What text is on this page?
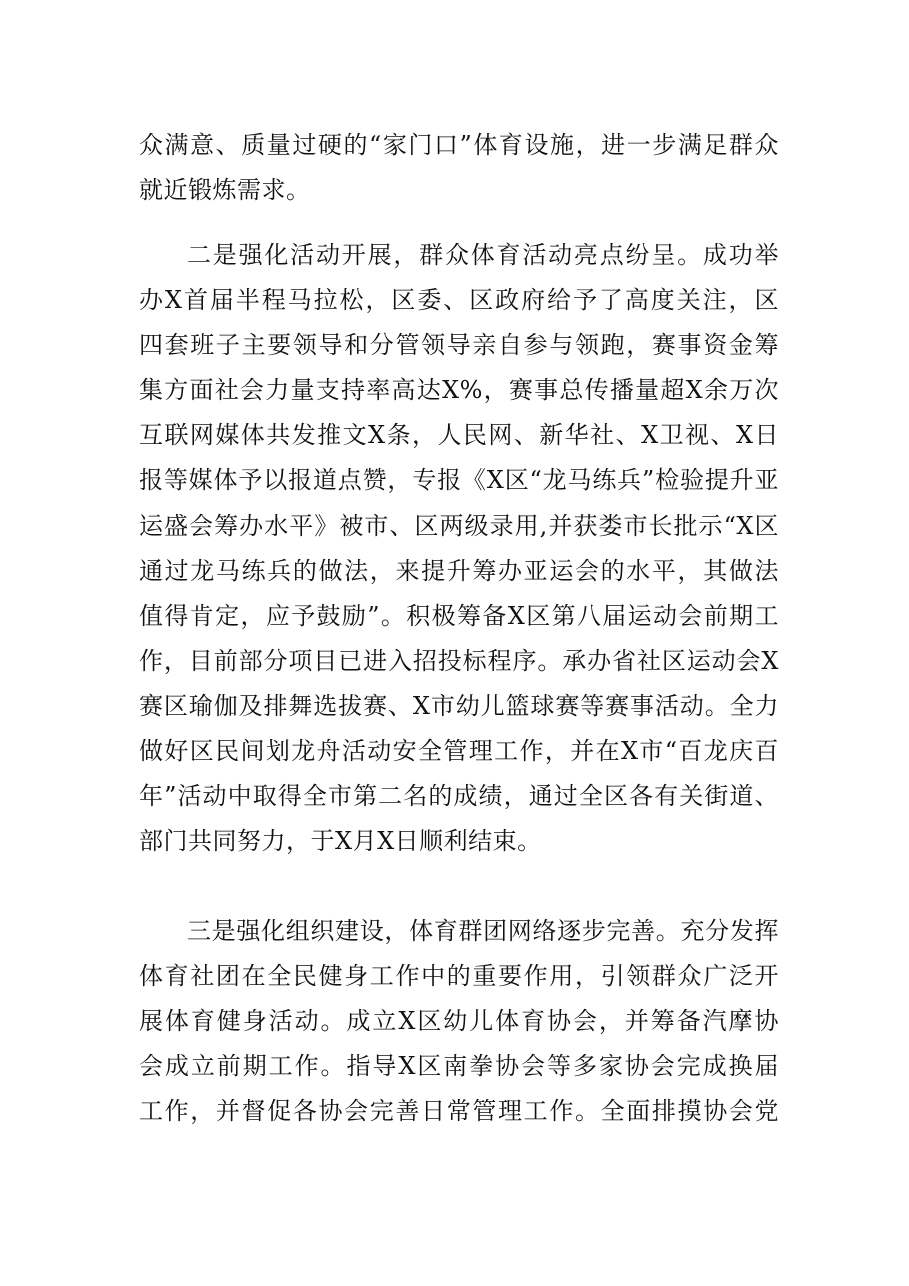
众满意、质量过硬的“家门口”体育设施，进一步满足群众
就近锻炼需求。
二是强化活动开展，群众体育活动亮点纷呈。成功举
办X首届半程马拉松，区委、区政府给予了高度关注，区
四套班子主要领导和分管领导亲自参与领跑，赛事资金筹
集方面社会力量支持率高达X%，赛事总传播量超X余万次
互联网媒体共发推文X条，人民网、新华社、X卫视、X日
报等媒体予以报道点赞，专报《X区“龙马练兵”检验提升亚
运盛会筹办水平》被市、区两级录用,并获娄市长批示“X区
通过龙马练兵的做法，来提升筹办亚运会的水平，其做法
值得肯定，应予鼓励”。积极筹备X区第八届运动会前期工
作，目前部分项目已进入招投标程序。承办省社区运动会X
赛区瑜伽及排舞选拔赛、X市幼儿篮球赛等赛事活动。全力
做好区民间划龙舟活动安全管理工作，并在X市“百龙庆百
年”活动中取得全市第二名的成绩，通过全区各有关街道、
部门共同努力，于X月X日顺利结束。
三是强化组织建设，体育群团网络逐步完善。充分发挥
体育社团在全民健身工作中的重要作用，引领群众广泛开
展体育健身活动。成立X区幼儿体育协会，并筹备汽摩协
会成立前期工作。指导X区南拳协会等多家协会完成换届
工作，并督促各协会完善日常管理工作。全面排摸协会党
